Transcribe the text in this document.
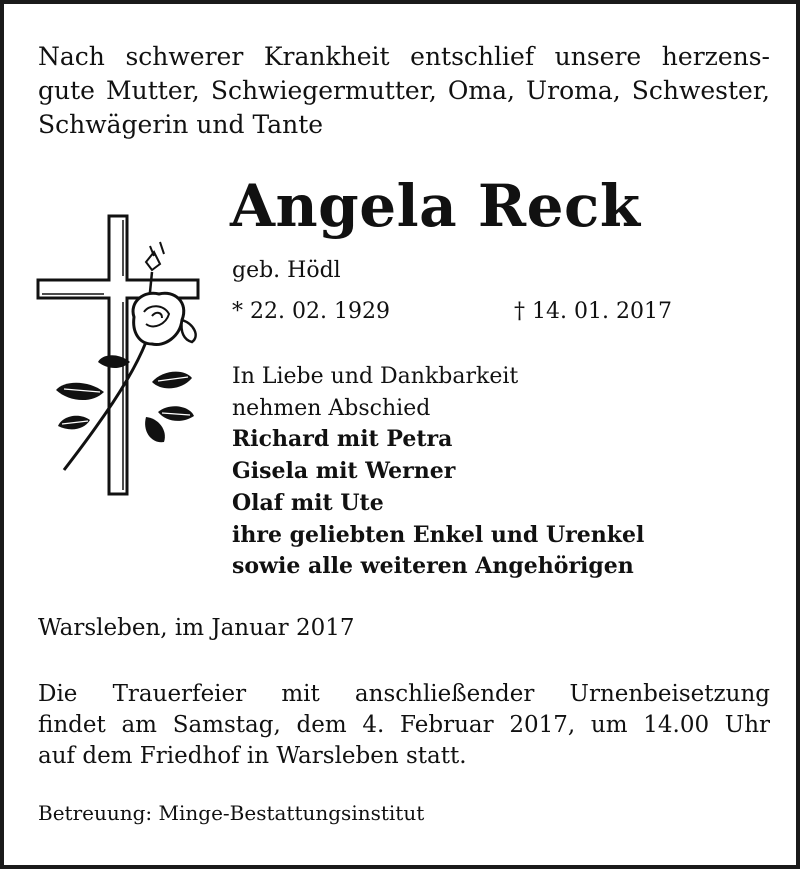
Nach schwerer Krankheit entschlief unsere herzens- gute Mutter, Schwiegermutter, Oma, Uroma, Schwester, Schwägerin und Tante
Angela Reck
geb. Hödl
* 22. 02. 1929	† 14. 01. 2017
In Liebe und Dankbarkeit
nehmen Abschied
Richard mit Petra
Gisela mit Werner
Olaf mit Ute
ihre geliebten Enkel und Urenkel
sowie alle weiteren Angehörigen
Warsleben, im Januar 2017
Die Trauerfeier mit anschließender Urnenbeisetzung
findet am Samstag, dem 4. Februar 2017, um 14.00 Uhr
auf dem Friedhof in Warsleben statt.
Betreuung: Minge-Bestattungsinstitut
